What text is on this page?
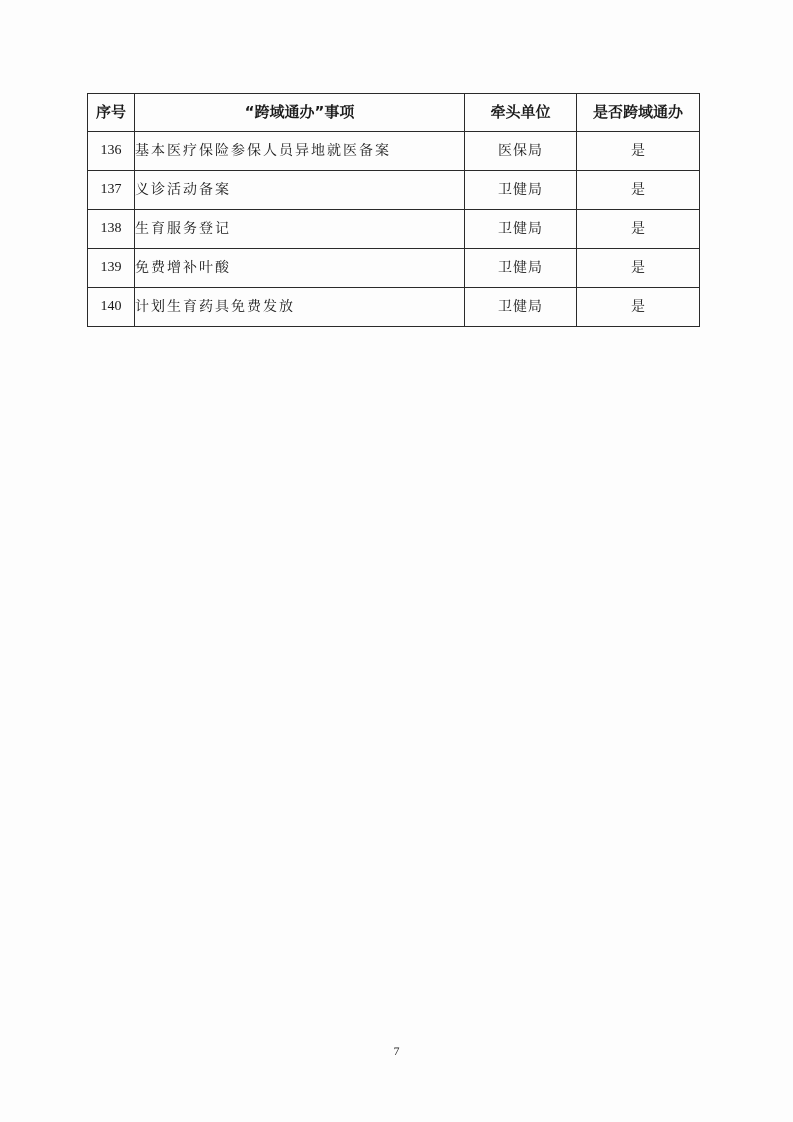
序号	“跨域通办”事项	牵头单位	是否跨域通办
136	基本医疗保险参保人员异地就医备案	医保局	是
137	义诊活动备案	卫健局	是
138	生育服务登记	卫健局	是
139	免费增补叶酸	卫健局	是
140	计划生育药具免费发放	卫健局	是
7
